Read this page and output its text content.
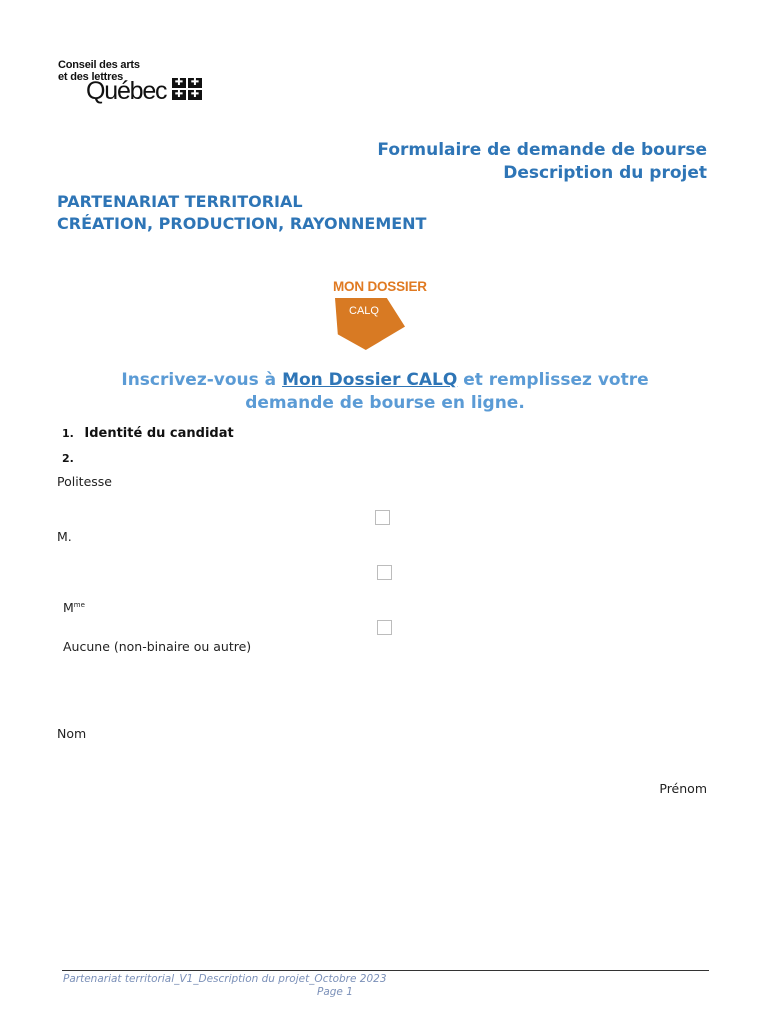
Conseil des arts
et des lettres
Québec ✚ ✚
✚ ✚
Formulaire de demande de bourse
Description du projet
PARTENARIAT TERRITORIAL
CRÉATION, PRODUCTION, RAYONNEMENT
MON DOSSIER
CALQ
Inscrivez-vous à Mon Dossier CALQ et remplissez votre
demande de bourse en ligne.
1. Identité du candidat
2.
Politesse
M.
$M^{me}$
Aucune (non-binaire ou autre)
Nom
Prénom
Partenariat territorial_V1_Description du projet_Octobre 2023
Page 1
